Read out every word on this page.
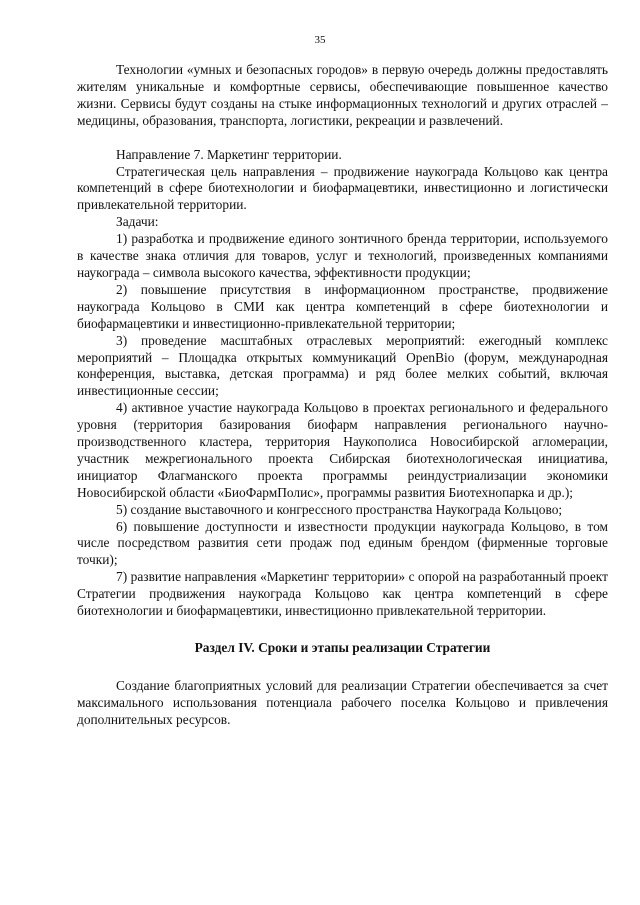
35

Технологии «умных и безопасных городов» в первую очередь должны предоставлять жителям уникальные и комфортные сервисы, обеспечивающие повышенное качество жизни. Сервисы будут созданы на стыке информационных технологий и других отраслей – медицины, образования, транспорта, логистики, рекреации и развлечений.

Направление 7. Маркетинг территории.

Стратегическая цель направления – продвижение наукограда Кольцово как центра компетенций в сфере биотехнологии и биофармацевтики, инвестиционно и логистически привлекательной территории.

Задачи:

1) разработка и продвижение единого зонтичного бренда территории, используемого в качестве знака отличия для товаров, услуг и технологий, произведенных компаниями наукограда – символа высокого качества, эффективности продукции;

2) повышение присутствия в информационном пространстве, продвижение наукограда Кольцово в СМИ как центра компетенций в сфере биотехнологии и биофармацевтики и инвестиционно-привлекательной территории;

3) проведение масштабных отраслевых мероприятий: ежегодный комплекс мероприятий – Площадка открытых коммуникаций OpenBio (форум, международная конференция, выставка, детская программа) и ряд более мелких событий, включая инвестиционные сессии;

4) активное участие наукограда Кольцово в проектах регионального и федерального уровня (территория базирования биофарм направления регионального научно-производственного кластера, территория Наукополиса Новосибирской агломерации, участник межрегионального проекта Сибирская биотехнологическая инициатива, инициатор Флагманского проекта программы реиндустриализации экономики Новосибирской области «БиоФармПолис», программы развития Биотехнопарка и др.);

5) создание выставочного и конгрессного пространства Наукограда Кольцово;

6) повышение доступности и известности продукции наукограда Кольцово, в том числе посредством развития сети продаж под единым брендом (фирменные торговые точки);

7) развитие направления «Маркетинг территории» с опорой на разработанный проект Стратегии продвижения наукограда Кольцово как центра компетенций в сфере биотехнологии и биофармацевтики, инвестиционно привлекательной территории.

Раздел IV. Сроки и этапы реализации Стратегии

Создание благоприятных условий для реализации Стратегии обеспечивается за счет максимального использования потенциала рабочего поселка Кольцово и привлечения дополнительных ресурсов.
